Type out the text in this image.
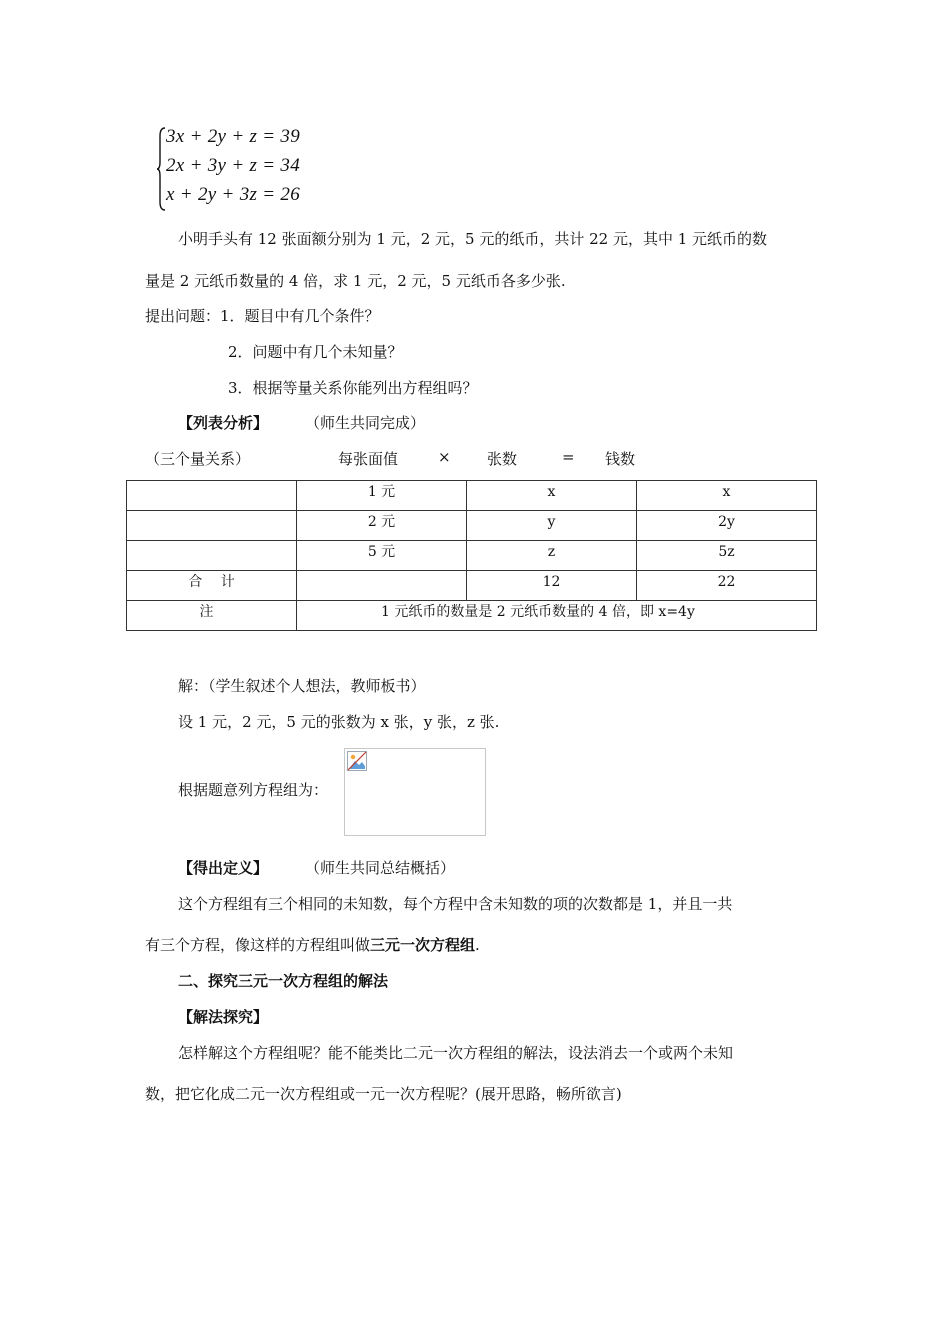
3x + 2y + z = 39
2x + 3y + z = 34
x + 2y + 3z = 26
小明手头有 12 张面额分别为 1 元，2 元，5 元的纸币，共计 22 元，其中 1 元纸币的数
量是 2 元纸币数量的 4 倍，求 1 元，2 元，5 元纸币各多少张.
提出问题：1．题目中有几个条件？
2．问题中有几个未知量？
3．根据等量关系你能列出方程组吗？
【列表分析】 （师生共同完成）
（三个量关系）	每张面值	× 张数	= 钱数
	1 元	x	x
	2 元	y	2y
	5 元	z	5z
合　 计		12	22
注	1 元纸币的数量是 2 元纸币数量的 4 倍，即 x=4y		
解：（学生叙述个人想法，教师板书）
设 1 元，2 元，5 元的张数为 x 张，y 张，z 张.
根据题意列方程组为：
【得出定义】 （师生共同总结概括）
这个方程组有三个相同的未知数，每个方程中含未知数的项的次数都是 1，并且一共
有三个方程，像这样的方程组叫做三元一次方程组.
二、探究三元一次方程组的解法
【解法探究】
怎样解这个方程组呢？能不能类比二元一次方程组的解法，设法消去一个或两个未知
数，把它化成二元一次方程组或一元一次方程呢？(展开思路，畅所欲言)
